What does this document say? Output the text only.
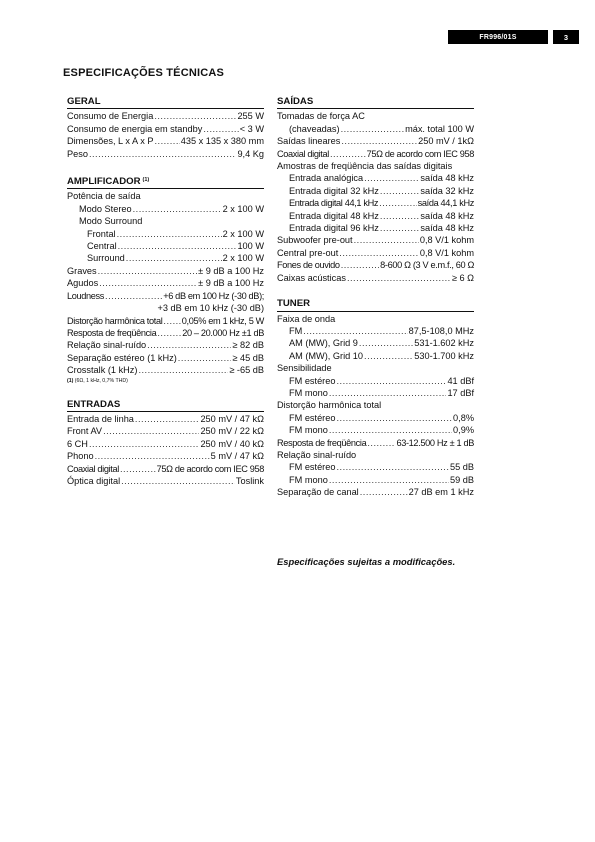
FR996/01S	3
ESPECIFICAÇÕES TÉCNICAS
GERAL
Consumo de Energia .....	255 W
Consumo de energia em standby .....	< 3 W
Dimensões, L x A x P .....	435 x 135 x 380 mm
Peso .....	9,4 Kg
AMPLIFICADOR $^{(1)}$
Potência de saída
Modo Stereo .....	2 x 100 W
Modo Surround
Frontal .....	2 x 100 W
Central .....	100 W
Surround .....	2 x 100 W
Graves .....	± 9 dB a 100 Hz
Agudos .....	± 9 dB a 100 Hz
Loudness .....	+6 dB em 100 Hz (-30 dB);
+3 dB em 10 kHz (-30 dB)
Distorção harmônica total ..... 0,05% em 1 kHz, 5 W
Resposta de freqüência .....	20 – 20.000 Hz ±1 dB
Relação sinal-ruído .....	≥ 82 dB
Separação estéreo (1 kHz) .....	≥ 45 dB
Crosstalk (1 kHz) .....	≥ -65 dB
(1) (6Ω, 1 kHz, 0,7% THD)
ENTRADAS
Entrada de linha .....	250 mV / 47 kΩ
Front AV .....	250 mV / 22 kΩ
6 CH .....	250 mV / 40 kΩ
Phono .....	5 mV / 47 kΩ
Coaxial digital .....	75Ω de acordo com IEC 958
Óptica digital .....	Toslink
SAÍDAS
Tomadas de força AC
(chaveadas) .....	máx. total 100 W
Saídas lineares .....	250 mV / 1kΩ
Coaxial digital .....	75Ω de acordo com IEC 958
Amostras de freqüência das saídas digitais
Entrada analógica .....	saída 48 kHz
Entrada digital 32 kHz .....	saída 32 kHz
Entrada digital 44,1 kHz .....	saída 44,1 kHz
Entrada digital 48 kHz .....	saída 48 kHz
Entrada digital 96 kHz .....	saída 48 kHz
Subwoofer pre-out .....	0,8 V/1 kohm
Central pre-out .....	0,8 V/1 kohm
Fones de ouvido .....	8-600 Ω (3 V e.m.f., 60 Ω
Caixas acústicas .....	≥ 6 Ω
TUNER
Faixa de onda
FM .....	87,5-108,0 MHz
AM (MW), Grid 9 .....	531-1.602 kHz
AM (MW), Grid 10 .....	530-1.700 kHz
Sensibilidade
FM estéreo .....	41 dBf
FM mono .....	17 dBf
Distorção harmônica total
FM estéreo .....	0,8%
FM mono .....	0,9%
Resposta de freqüência .....	63-12.500 Hz ± 1 dB
Relação sinal-ruído
FM estéreo .....	55 dB
FM mono .....	59 dB
Separação de canal .....	27 dB em 1 kHz
Especificações sujeitas a modificações.
